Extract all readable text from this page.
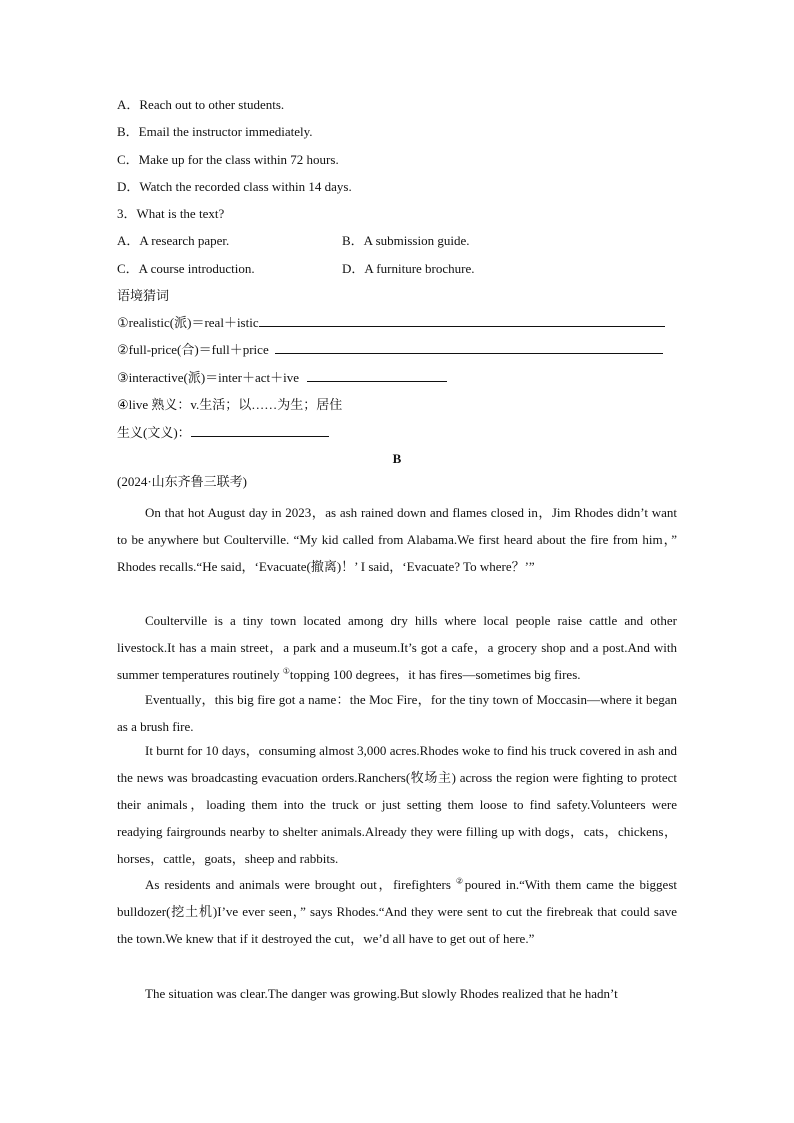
A．Reach out to other students.
B．Email the instructor immediately.
C．Make up for the class within 72 hours.
D．Watch the recorded class within 14 days.
3．What is the text?
A．A research paper.	B．A submission guide.
C．A course introduction.	D．A furniture brochure.
语境猜词
①realistic(派)＝real＋istic
②full-price(合)＝full＋price
③interactive(派)＝inter＋act＋ive
④live 熟义：v.生活；以……为生；居住
生义(文义)：
B
(2024·山东齐鲁三联考)

On that hot August day in 2023，as ash rained down and flames closed in，Jim Rhodes didn’t want to be anywhere but Coulterville. “My kid called from Alabama.We first heard about the fire from him，” Rhodes recalls.“He said，‘Evacuate(撤离)！’ I said，‘Evacuate? To where？’”

Coulterville is a tiny town located among dry hills where local people raise cattle and other livestock.It has a main street，a park and a museum.It’s got a cafe，a grocery shop and a post.And with summer temperatures routinely ①topping 100 degrees，it has fires—sometimes big fires.

Eventually，this big fire got a name：the Moc Fire，for the tiny town of Moccasin—where it began as a brush fire.

It burnt for 10 days，consuming almost 3,000 acres.Rhodes woke to find his truck covered in ash and the news was broadcasting evacuation orders.Ranchers(牧场主) across the region were fighting to protect their animals，loading them into the truck or just setting them loose to find safety.Volunteers were readying fairgrounds nearby to shelter animals.Already they were filling up with dogs，cats，chickens，horses，cattle，goats，sheep and rabbits.

As residents and animals were brought out，firefighters ②poured in.“With them came the biggest bulldozer(挖土机)I’ve ever seen，” says Rhodes.“And they were sent to cut the firebreak that could save the town.We knew that if it destroyed the cut，we’d all have to get out of here.”

The situation was clear.The danger was growing.But slowly Rhodes realized that he hadn’t
